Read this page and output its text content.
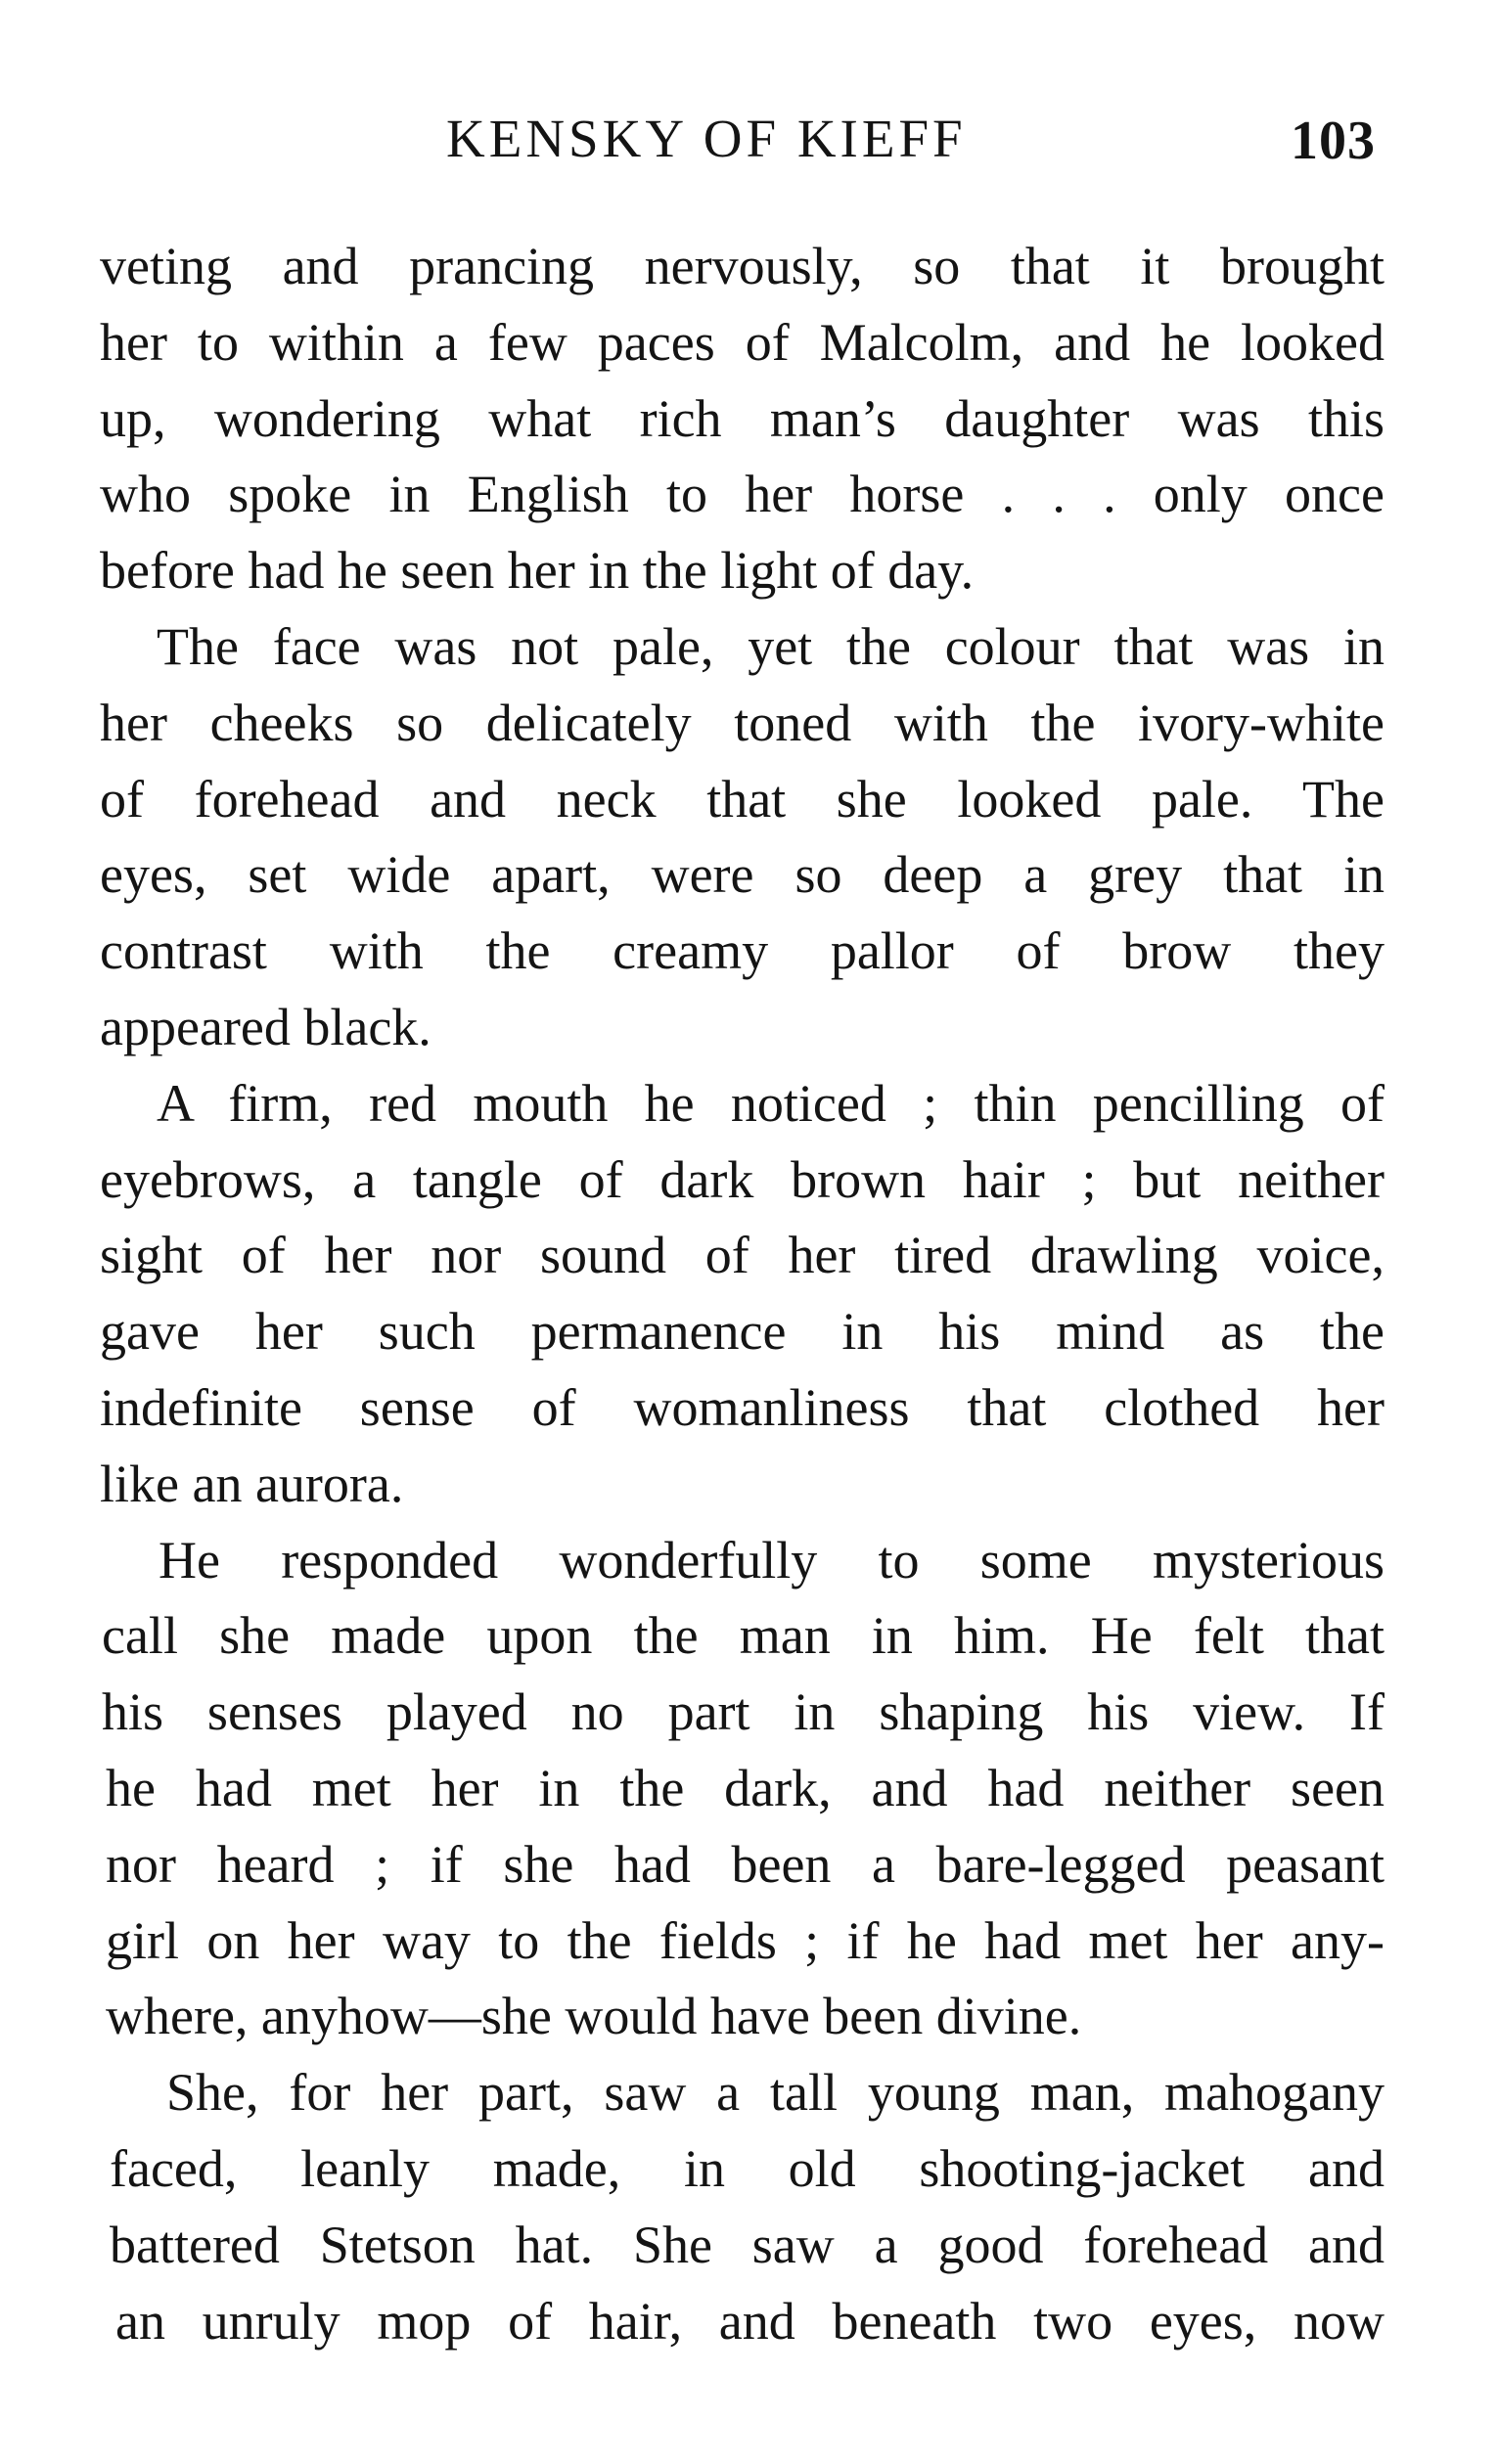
KENSKY OF KIEFF	103
veting and prancing nervously, so that it brought
her to within a few paces of Malcolm, and he looked
up, wondering what rich man’s daughter was this
who spoke in English to her horse . . . only once
before had he seen her in the light of day.
The face was not pale, yet the colour that was in
her cheeks so delicately toned with the ivory-white
of forehead and neck that she looked pale. The
eyes, set wide apart, were so deep a grey that in
contrast with the creamy pallor of brow they
appeared black.
A firm, red mouth he noticed ; thin pencilling of
eyebrows, a tangle of dark brown hair ; but neither
sight of her nor sound of her tired drawling voice,
gave her such permanence in his mind as the
indefinite sense of womanliness that clothed her
like an aurora.
He responded wonderfully to some mysterious
call she made upon the man in him. He felt that
his senses played no part in shaping his view. If
he had met her in the dark, and had neither seen
nor heard ; if she had been a bare-legged peasant
girl on her way to the fields ; if he had met her any-
where, anyhow—she would have been divine.
She, for her part, saw a tall young man, mahogany
faced, leanly made, in old shooting-jacket and
battered Stetson hat. She saw a good forehead and
an unruly mop of hair, and beneath two eyes, now
